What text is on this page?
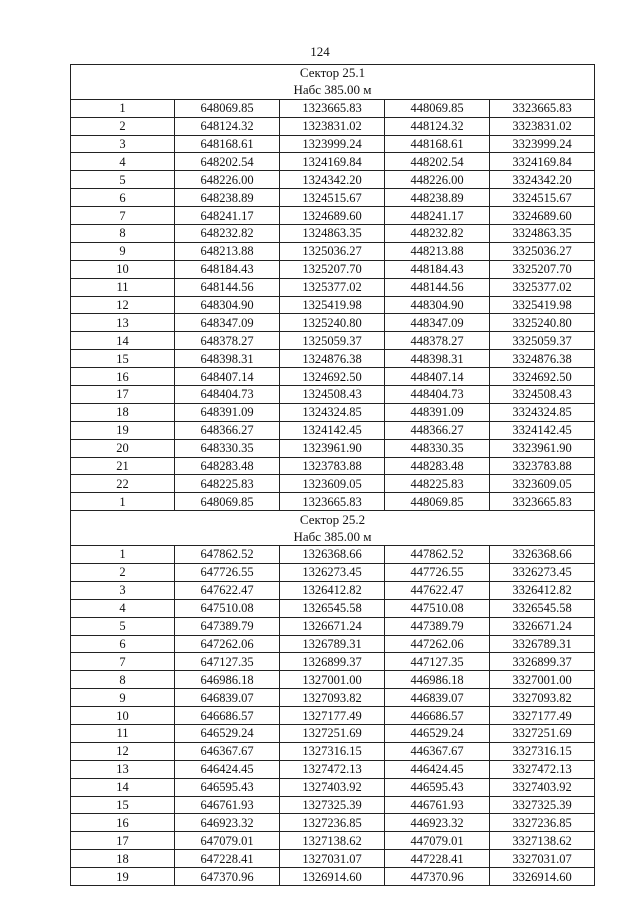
124
Сектор 25.1				
Набс 385.00 м				
1	648069.85	1323665.83	448069.85	3323665.83
2	648124.32	1323831.02	448124.32	3323831.02
3	648168.61	1323999.24	448168.61	3323999.24
4	648202.54	1324169.84	448202.54	3324169.84
5	648226.00	1324342.20	448226.00	3324342.20
6	648238.89	1324515.67	448238.89	3324515.67
7	648241.17	1324689.60	448241.17	3324689.60
8	648232.82	1324863.35	448232.82	3324863.35
9	648213.88	1325036.27	448213.88	3325036.27
10	648184.43	1325207.70	448184.43	3325207.70
11	648144.56	1325377.02	448144.56	3325377.02
12	648304.90	1325419.98	448304.90	3325419.98
13	648347.09	1325240.80	448347.09	3325240.80
14	648378.27	1325059.37	448378.27	3325059.37
15	648398.31	1324876.38	448398.31	3324876.38
16	648407.14	1324692.50	448407.14	3324692.50
17	648404.73	1324508.43	448404.73	3324508.43
18	648391.09	1324324.85	448391.09	3324324.85
19	648366.27	1324142.45	448366.27	3324142.45
20	648330.35	1323961.90	448330.35	3323961.90
21	648283.48	1323783.88	448283.48	3323783.88
22	648225.83	1323609.05	448225.83	3323609.05
1	648069.85	1323665.83	448069.85	3323665.83
Сектор 25.2				
Набс 385.00 м				
1	647862.52	1326368.66	447862.52	3326368.66
2	647726.55	1326273.45	447726.55	3326273.45
3	647622.47	1326412.82	447622.47	3326412.82
4	647510.08	1326545.58	447510.08	3326545.58
5	647389.79	1326671.24	447389.79	3326671.24
6	647262.06	1326789.31	447262.06	3326789.31
7	647127.35	1326899.37	447127.35	3326899.37
8	646986.18	1327001.00	446986.18	3327001.00
9	646839.07	1327093.82	446839.07	3327093.82
10	646686.57	1327177.49	446686.57	3327177.49
11	646529.24	1327251.69	446529.24	3327251.69
12	646367.67	1327316.15	446367.67	3327316.15
13	646424.45	1327472.13	446424.45	3327472.13
14	646595.43	1327403.92	446595.43	3327403.92
15	646761.93	1327325.39	446761.93	3327325.39
16	646923.32	1327236.85	446923.32	3327236.85
17	647079.01	1327138.62	447079.01	3327138.62
18	647228.41	1327031.07	447228.41	3327031.07
19	647370.96	1326914.60	447370.96	3326914.60
